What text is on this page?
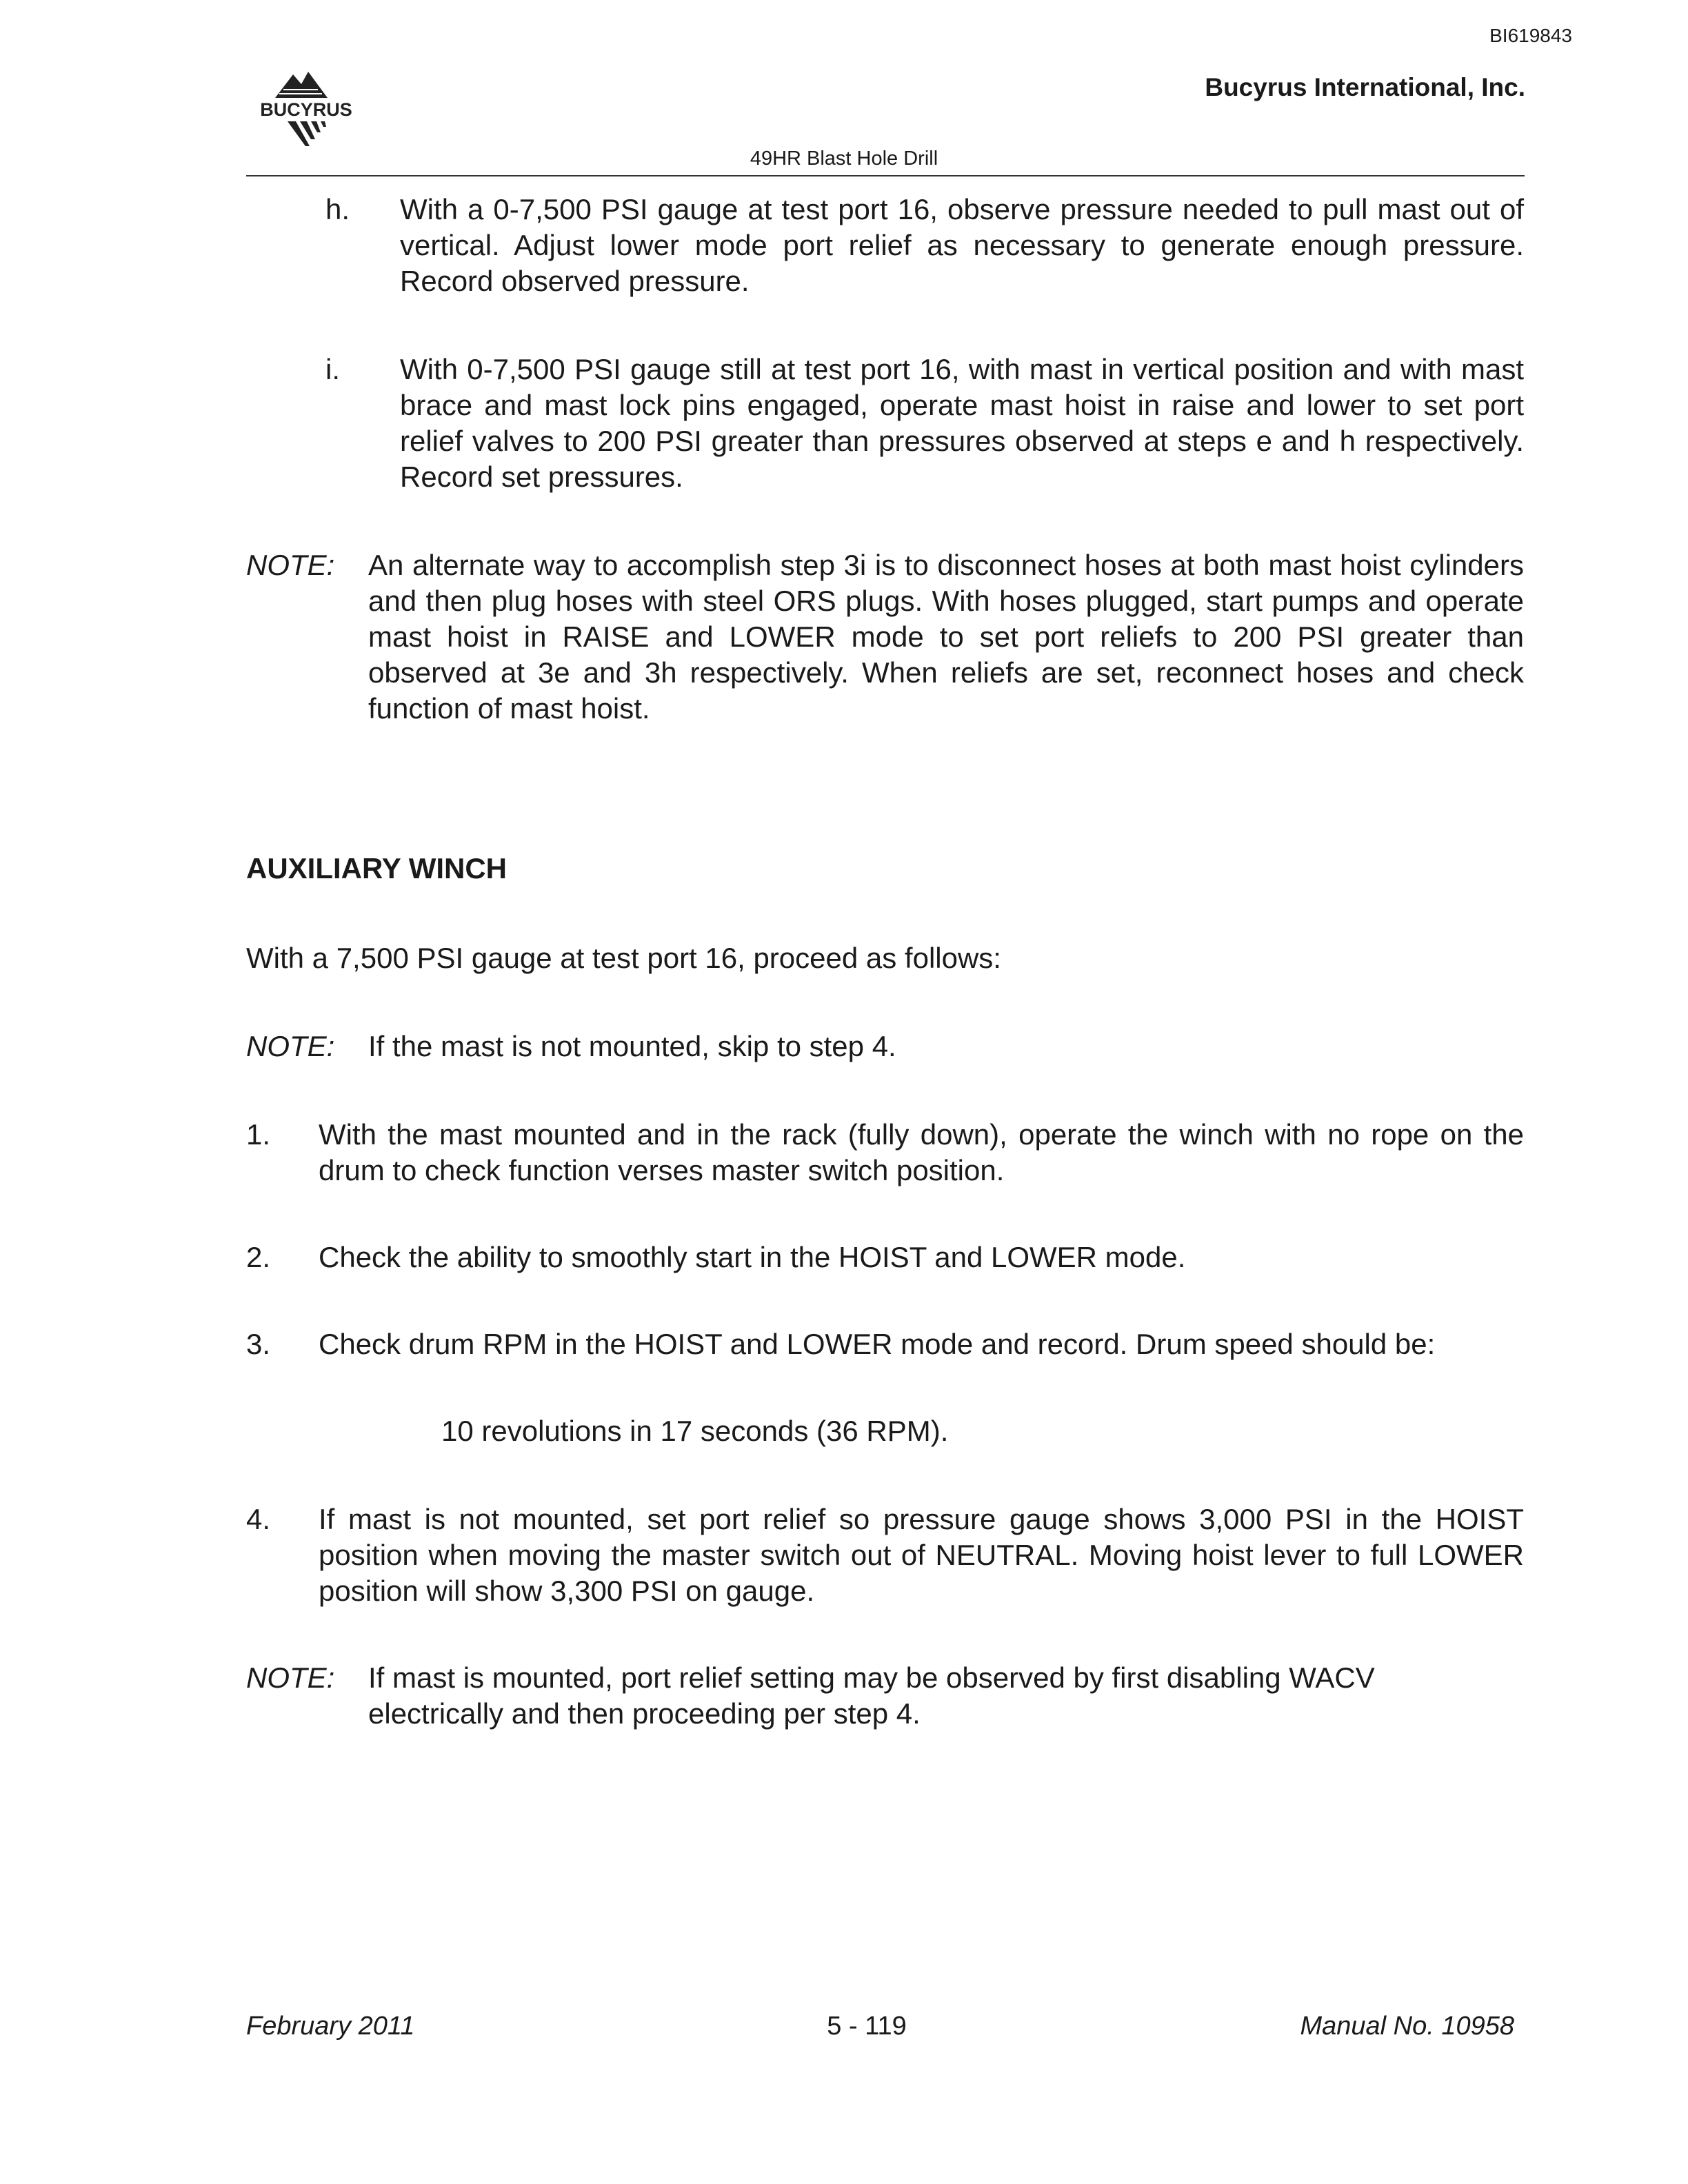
BI619843
Bucyrus International, Inc.
BUCYRUS
49HR Blast Hole Drill
h. With a 0-7,500 PSI gauge at test port 16, observe pressure needed to pull mast out of vertical. Adjust lower mode port relief as necessary to generate enough pressure. Record observed pressure.
i. With 0-7,500 PSI gauge still at test port 16, with mast in vertical position and with mast brace and mast lock pins engaged, operate mast hoist in raise and lower to set port relief valves to 200 PSI greater than pressures observed at steps e and h respectively. Record set pressures.
NOTE: An alternate way to accomplish step 3i is to disconnect hoses at both mast hoist cylinders and then plug hoses with steel ORS plugs. With hoses plugged, start pumps and operate mast hoist in RAISE and LOWER mode to set port reliefs to 200 PSI greater than observed at 3e and 3h respectively. When reliefs are set, reconnect hoses and check function of mast hoist.
AUXILIARY WINCH
With a 7,500 PSI gauge at test port 16, proceed as follows:
NOTE: If the mast is not mounted, skip to step 4.
1. With the mast mounted and in the rack (fully down), operate the winch with no rope on the drum to check function verses master switch position.
2. Check the ability to smoothly start in the HOIST and LOWER mode.
3. Check drum RPM in the HOIST and LOWER mode and record. Drum speed should be:
10 revolutions in 17 seconds (36 RPM).
4. If mast is not mounted, set port relief so pressure gauge shows 3,000 PSI in the HOIST position when moving the master switch out of NEUTRAL. Moving hoist lever to full LOWER position will show 3,300 PSI on gauge.
NOTE: If mast is mounted, port relief setting may be observed by first disabling WACV
electrically and then proceeding per step 4.
February 2011	5 - 119	Manual No. 10958
